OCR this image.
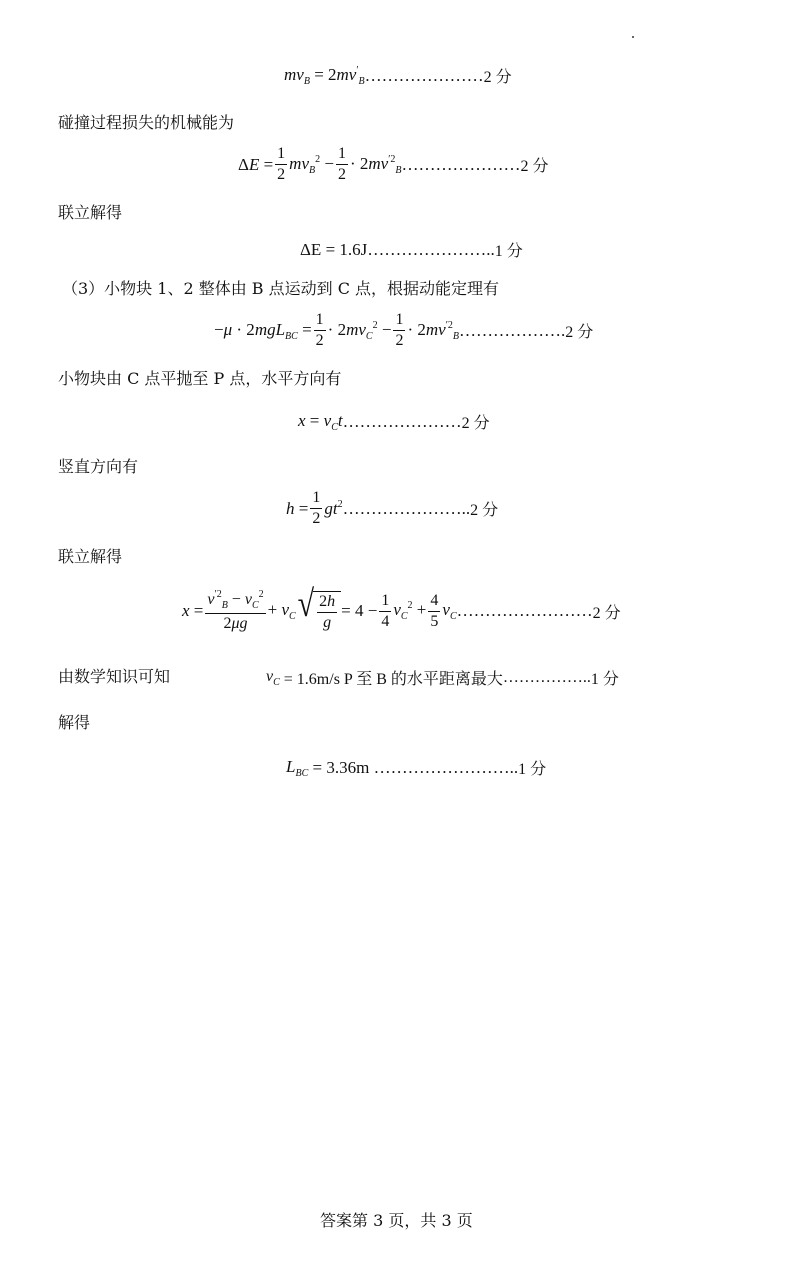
$mv_B = 2mv'_B$ ………………… 2 分
碰撞过程损失的机械能为
$\Delta E = \frac{1}{2} mv_B^2 - \frac{1}{2} \cdot 2mv^{'2}_B$ ………………… 2 分
联立解得
ΔE = 1.6J ………………….. 1 分
（3）小物块 1、2 整体由 B 点运动到 C 点，根据动能定理有
$-\mu \cdot 2mgL_{BC} = \frac{1}{2} \cdot 2mv_C^2 - \frac{1}{2} \cdot 2mv^{'2}_B$ ………………. 2 分
小物块由 C 点平抛至 P 点，水平方向有
$x = v_Ct$ ………………… 2 分
竖直方向有
$h = \frac{1}{2} gt^2$ ………………….. 2 分
联立解得
$x = \frac{v^{'2}_B - v_C^2}{2\mu g} + v_C$ √ $\frac{2h}{g} = 4 - \frac{1}{4} v_C^2 + \frac{4}{5} v_C$ …………………… 2 分
由数学知识可知	$v_C = 1.6m/s$ P 至 B 的水平距离最大 …………….. 1 分
解得
$L_{BC} = 3.36m$
…………………….. 1 分
答案第 3 页，共 3 页
